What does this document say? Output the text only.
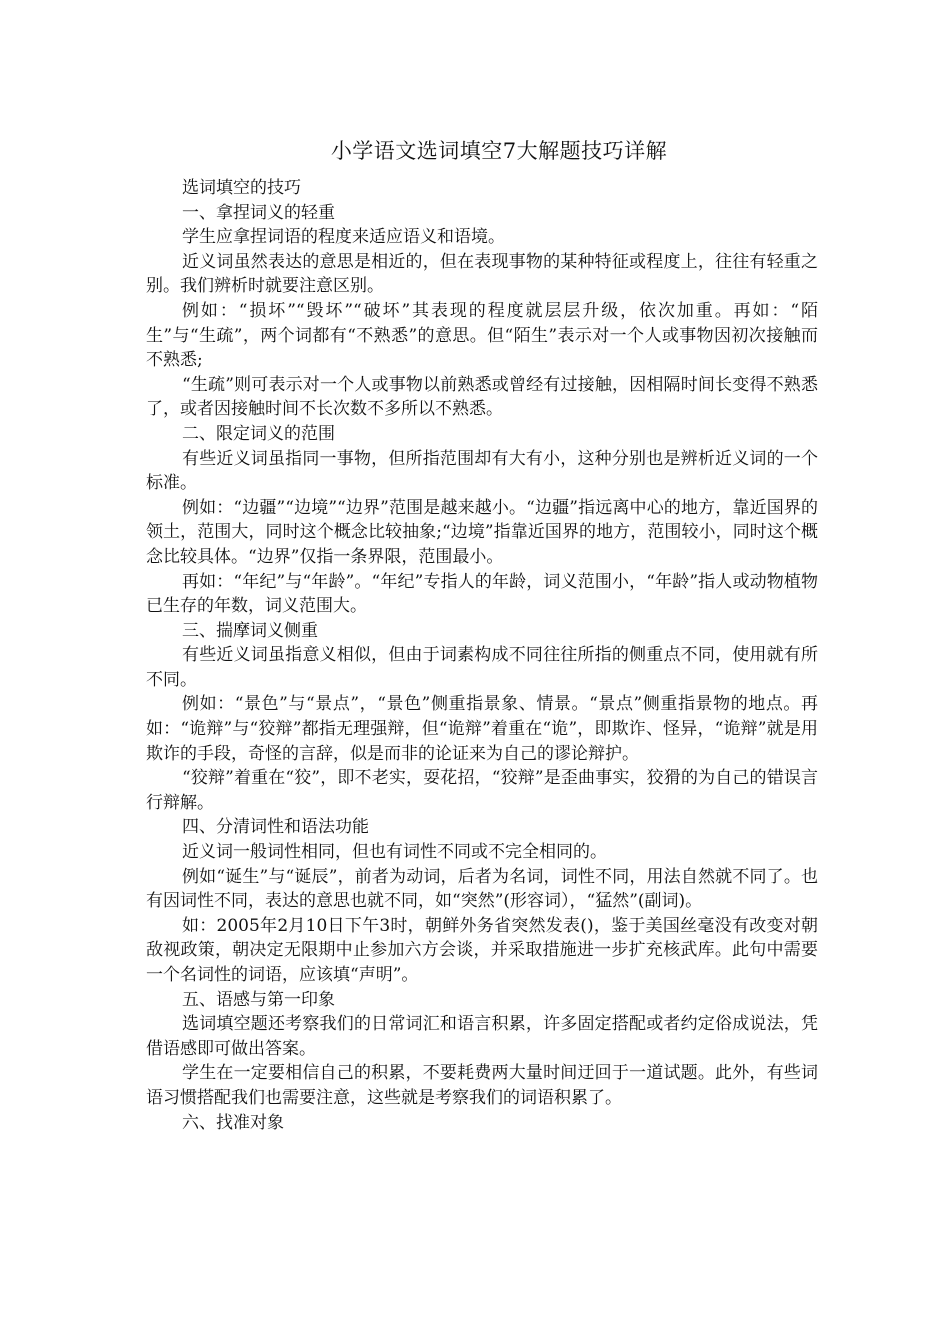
小学语文选词填空7大解题技巧详解

选词填空的技巧

一、拿捏词义的轻重

学生应拿捏词语的程度来适应语义和语境。

近义词虽然表达的意思是相近的，但在表现事物的某种特征或程度上，往往有轻重之别。我们辨析时就要注意区别。

例如：“损坏”“毁坏”“破坏”其表现的程度就层层升级，依次加重。再如：“陌生”与“生疏”，两个词都有“不熟悉”的意思。但“陌生”表示对一个人或事物因初次接触而不熟悉;

“生疏”则可表示对一个人或事物以前熟悉或曾经有过接触，因相隔时间长变得不熟悉了，或者因接触时间不长次数不多所以不熟悉。

二、限定词义的范围

有些近义词虽指同一事物，但所指范围却有大有小，这种分别也是辨析近义词的一个标准。

例如：“边疆”“边境”“边界”范围是越来越小。“边疆”指远离中心的地方，靠近国界的领土，范围大，同时这个概念比较抽象;“边境”指靠近国界的地方，范围较小，同时这个概念比较具体。“边界”仅指一条界限，范围最小。

再如：“年纪”与“年龄”。“年纪”专指人的年龄，词义范围小，“年龄”指人或动物植物已生存的年数，词义范围大。

三、揣摩词义侧重

有些近义词虽指意义相似，但由于词素构成不同往往所指的侧重点不同，使用就有所不同。

例如：“景色”与“景点”，“景色”侧重指景象、情景。“景点”侧重指景物的地点。再如：“诡辩”与“狡辩”都指无理强辩，但“诡辩”着重在“诡”，即欺诈、怪异，“诡辩”就是用欺诈的手段，奇怪的言辞，似是而非的论证来为自己的谬论辩护。

“狡辩”着重在“狡”，即不老实，耍花招，“狡辩”是歪曲事实，狡猾的为自己的错误言行辩解。

四、分清词性和语法功能

近义词一般词性相同，但也有词性不同或不完全相同的。

例如“诞生”与“诞辰”，前者为动词，后者为名词，词性不同，用法自然就不同了。也有因词性不同，表达的意思也就不同，如“突然”(形容词），“猛然”(副词)。

如：2005年2月10日下午3时，朝鲜外务省突然发表()，鉴于美国丝毫没有改变对朝敌视政策，朝决定无限期中止参加六方会谈，并采取措施进一步扩充核武库。此句中需要一个名词性的词语，应该填“声明”。

五、语感与第一印象

选词填空题还考察我们的日常词汇和语言积累，许多固定搭配或者约定俗成说法，凭借语感即可做出答案。

学生在一定要相信自己的积累，不要耗费两大量时间迂回于一道试题。此外，有些词语习惯搭配我们也需要注意，这些就是考察我们的词语积累了。

六、找准对象
